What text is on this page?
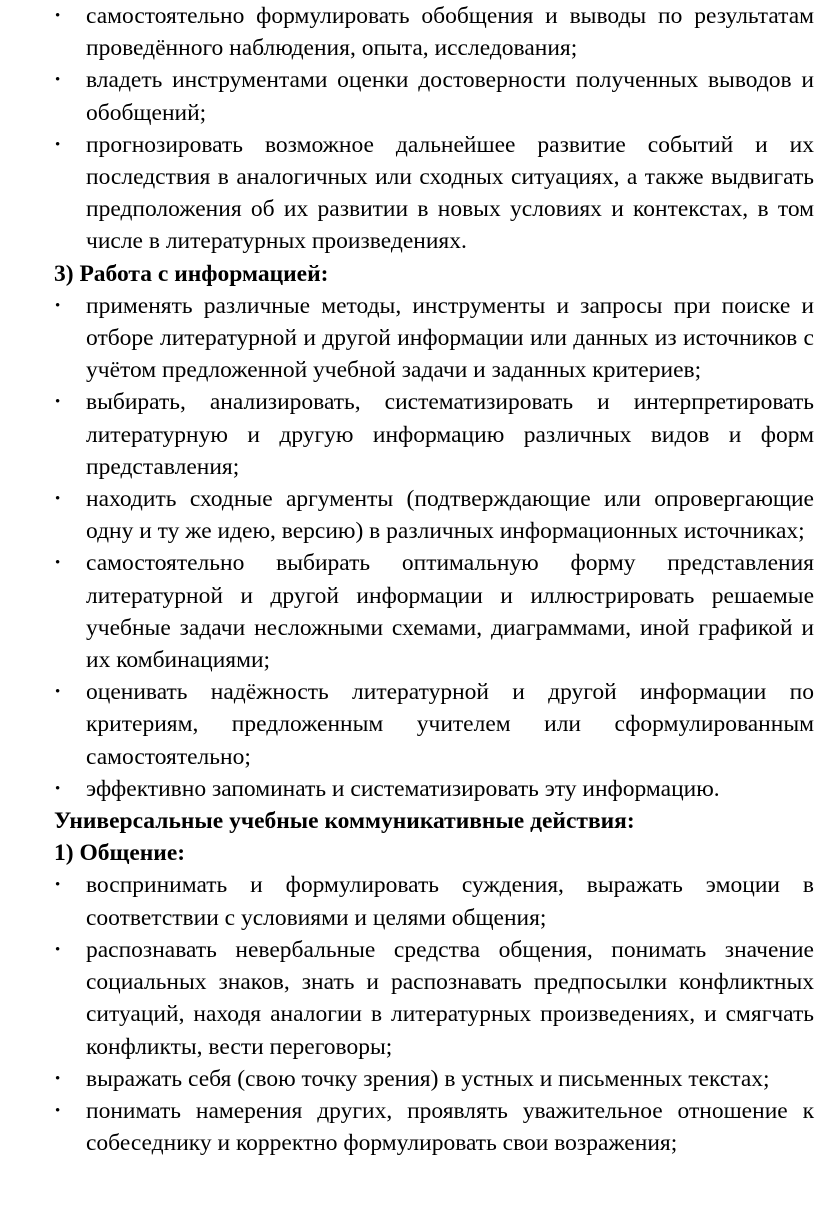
• самостоятельно формулировать обобщения и выводы по результатам проведённого наблюдения, опыта, исследования;
• владеть инструментами оценки достоверности полученных выводов и обобщений;
• прогнозировать возможное дальнейшее развитие событий и их последствия в аналогичных или сходных ситуациях, а также выдвигать предположения об их развитии в новых условиях и контекстах, в том числе в литературных произведениях.

3) Работа с информацией:

• применять различные методы, инструменты и запросы при поиске и отборе литературной и другой информации или данных из источников с учётом предложенной учебной задачи и заданных критериев;
• выбирать, анализировать, систематизировать и интерпретировать литературную и другую информацию различных видов и форм представления;
• находить сходные аргументы (подтверждающие или опровергающие одну и ту же идею, версию) в различных информационных источниках;
• самостоятельно выбирать оптимальную форму представления литературной и другой информации и иллюстрировать решаемые учебные задачи несложными схемами, диаграммами, иной графикой и их комбинациями;
• оценивать надёжность литературной и другой информации по критериям, предложенным учителем или сформулированным самостоятельно;
• эффективно запоминать и систематизировать эту информацию.

Универсальные учебные коммуникативные действия:

1) Общение:

• воспринимать и формулировать суждения, выражать эмоции в соответствии с условиями и целями общения;
• распознавать невербальные средства общения, понимать значение социальных знаков, знать и распознавать предпосылки конфликтных ситуаций, находя аналогии в литературных произведениях, и смягчать конфликты, вести переговоры;
• выражать себя (свою точку зрения) в устных и письменных текстах;
• понимать намерения других, проявлять уважительное отношение к собеседнику и корректно формулировать свои возражения;
